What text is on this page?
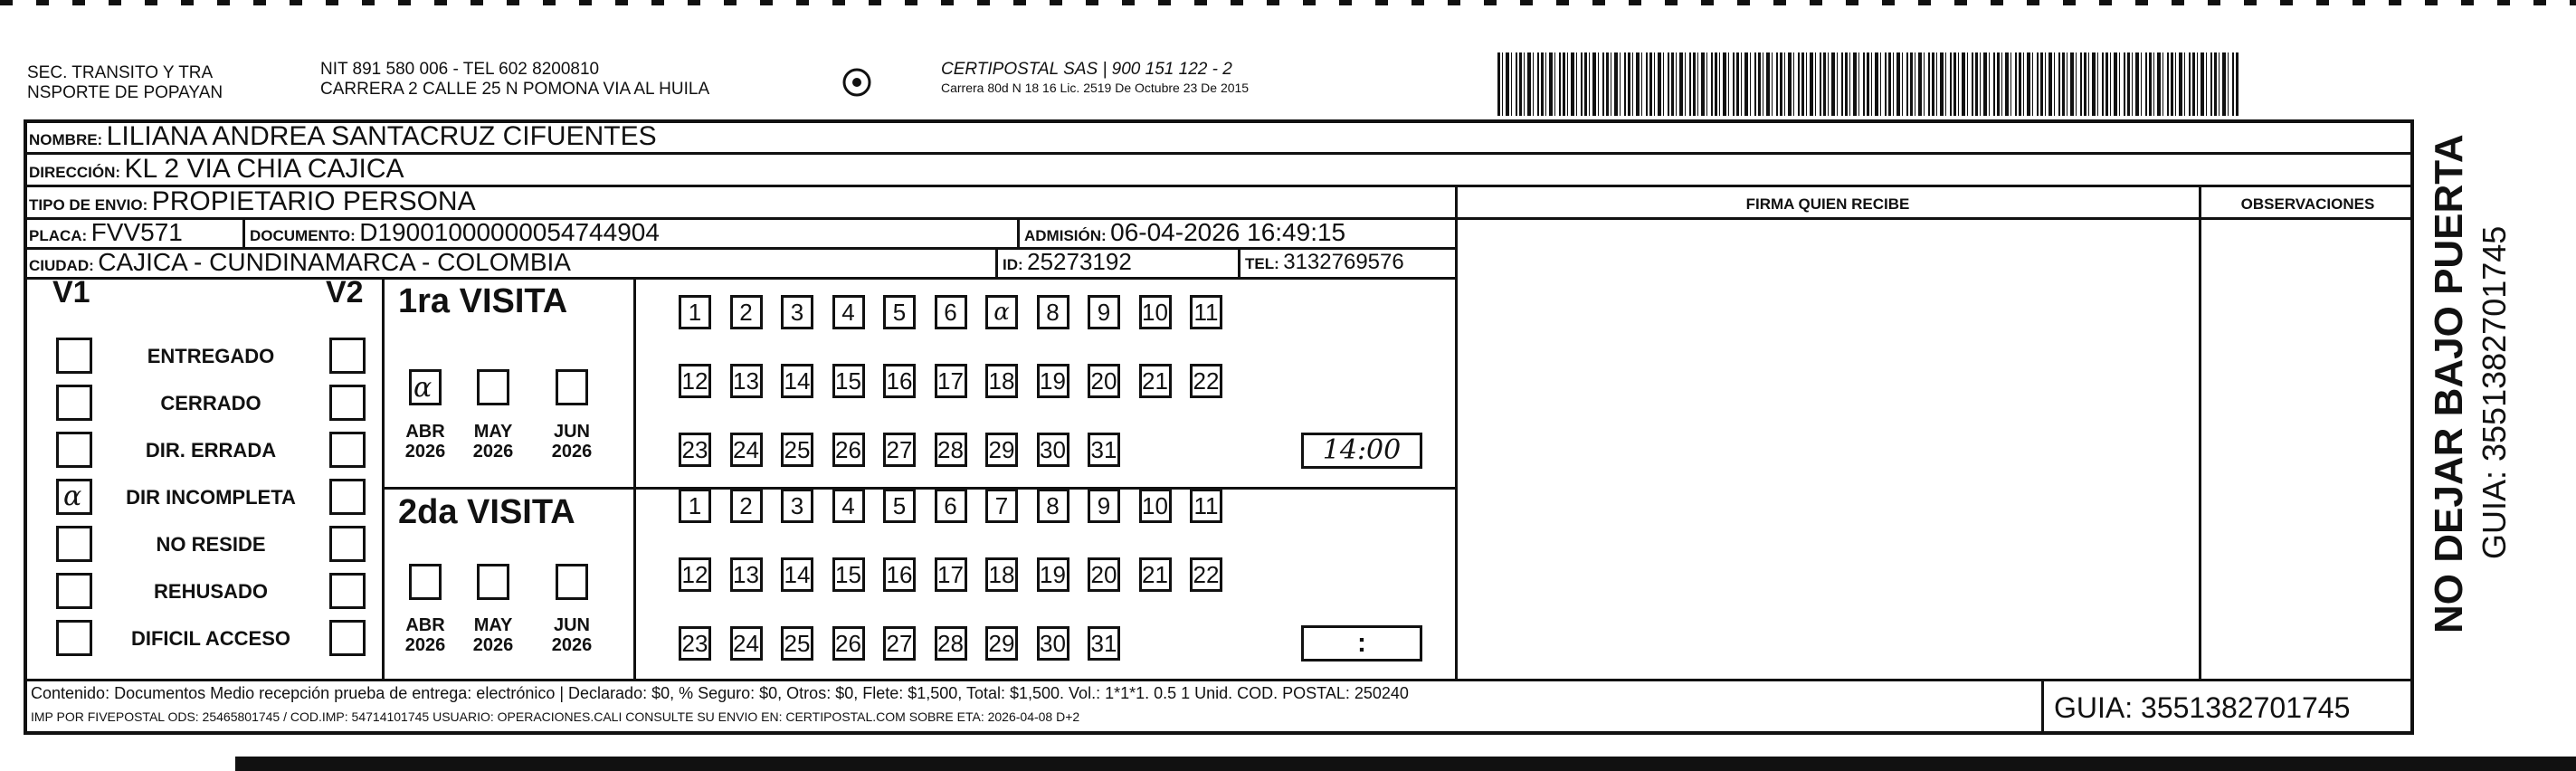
SEC. TRANSITO Y TRA
NSPORTE DE POPAYAN
NIT 891 580 006 - TEL 602 8200810
CARRERA 2 CALLE 25 N POMONA VIA AL HUILA
CERTIPOSTAL SAS | 900 151 122 - 2
Carrera 80d N 18 16 Lic. 2519 De Octubre 23 De 2015
NOMBRE: LILIANA ANDREA SANTACRUZ CIFUENTES
DIRECCIÓN: KL 2 VIA CHIA CAJICA
TIPO DE ENVIO: PROPIETARIO PERSONA	FIRMA QUIEN RECIBE	OBSERVACIONES
PLACA: FVV571	DOCUMENTO: D19001000000054744904	ADMISIÓN: 06-04-2026 16:49:15
CIUDAD: CAJICA - CUNDINAMARCA - COLOMBIA	ID: 25273192	TEL: 3132769576
V1	V2
ENTREGADO
CERRADO
DIR. ERRADA
α	DIR INCOMPLETA
NO RESIDE
REHUSADO
DIFICIL ACCESO
1ra VISITA
2da VISITA
α
ABR
2026
MAY
2026
JUN
2026
ABR
2026
MAY
2026
JUN
2026
1	2	3	4	5	6	α	8	9	10 11
12 13 14 15 16 17 18 19 20 21 22
23 24 25 26 27 28 29 30 31
1	2	3	4	5	6	7	8	9	10 11
12 13 14 15 16 17 18 19 20 21 22
23 24 25 26 27 28 29 30 31
14:00
:
Contenido: Documentos Medio recepción prueba de entrega: electrónico | Declarado: $0, % Seguro: $0, Otros: $0, Flete: $1,500, Total: $1,500. Vol.: 1*1*1. 0.5 1 Unid. COD. POSTAL: 250240
IMP POR FIVEPOSTAL ODS: 25465801745 / COD.IMP: 54714101745 USUARIO: OPERACIONES.CALI CONSULTE SU ENVIO EN: CERTIPOSTAL.COM SOBRE ETA: 2026-04-08 D+2	GUIA: 3551382701745
NO DEJAR BAJO PUERTA GUIA: 3551382701745
